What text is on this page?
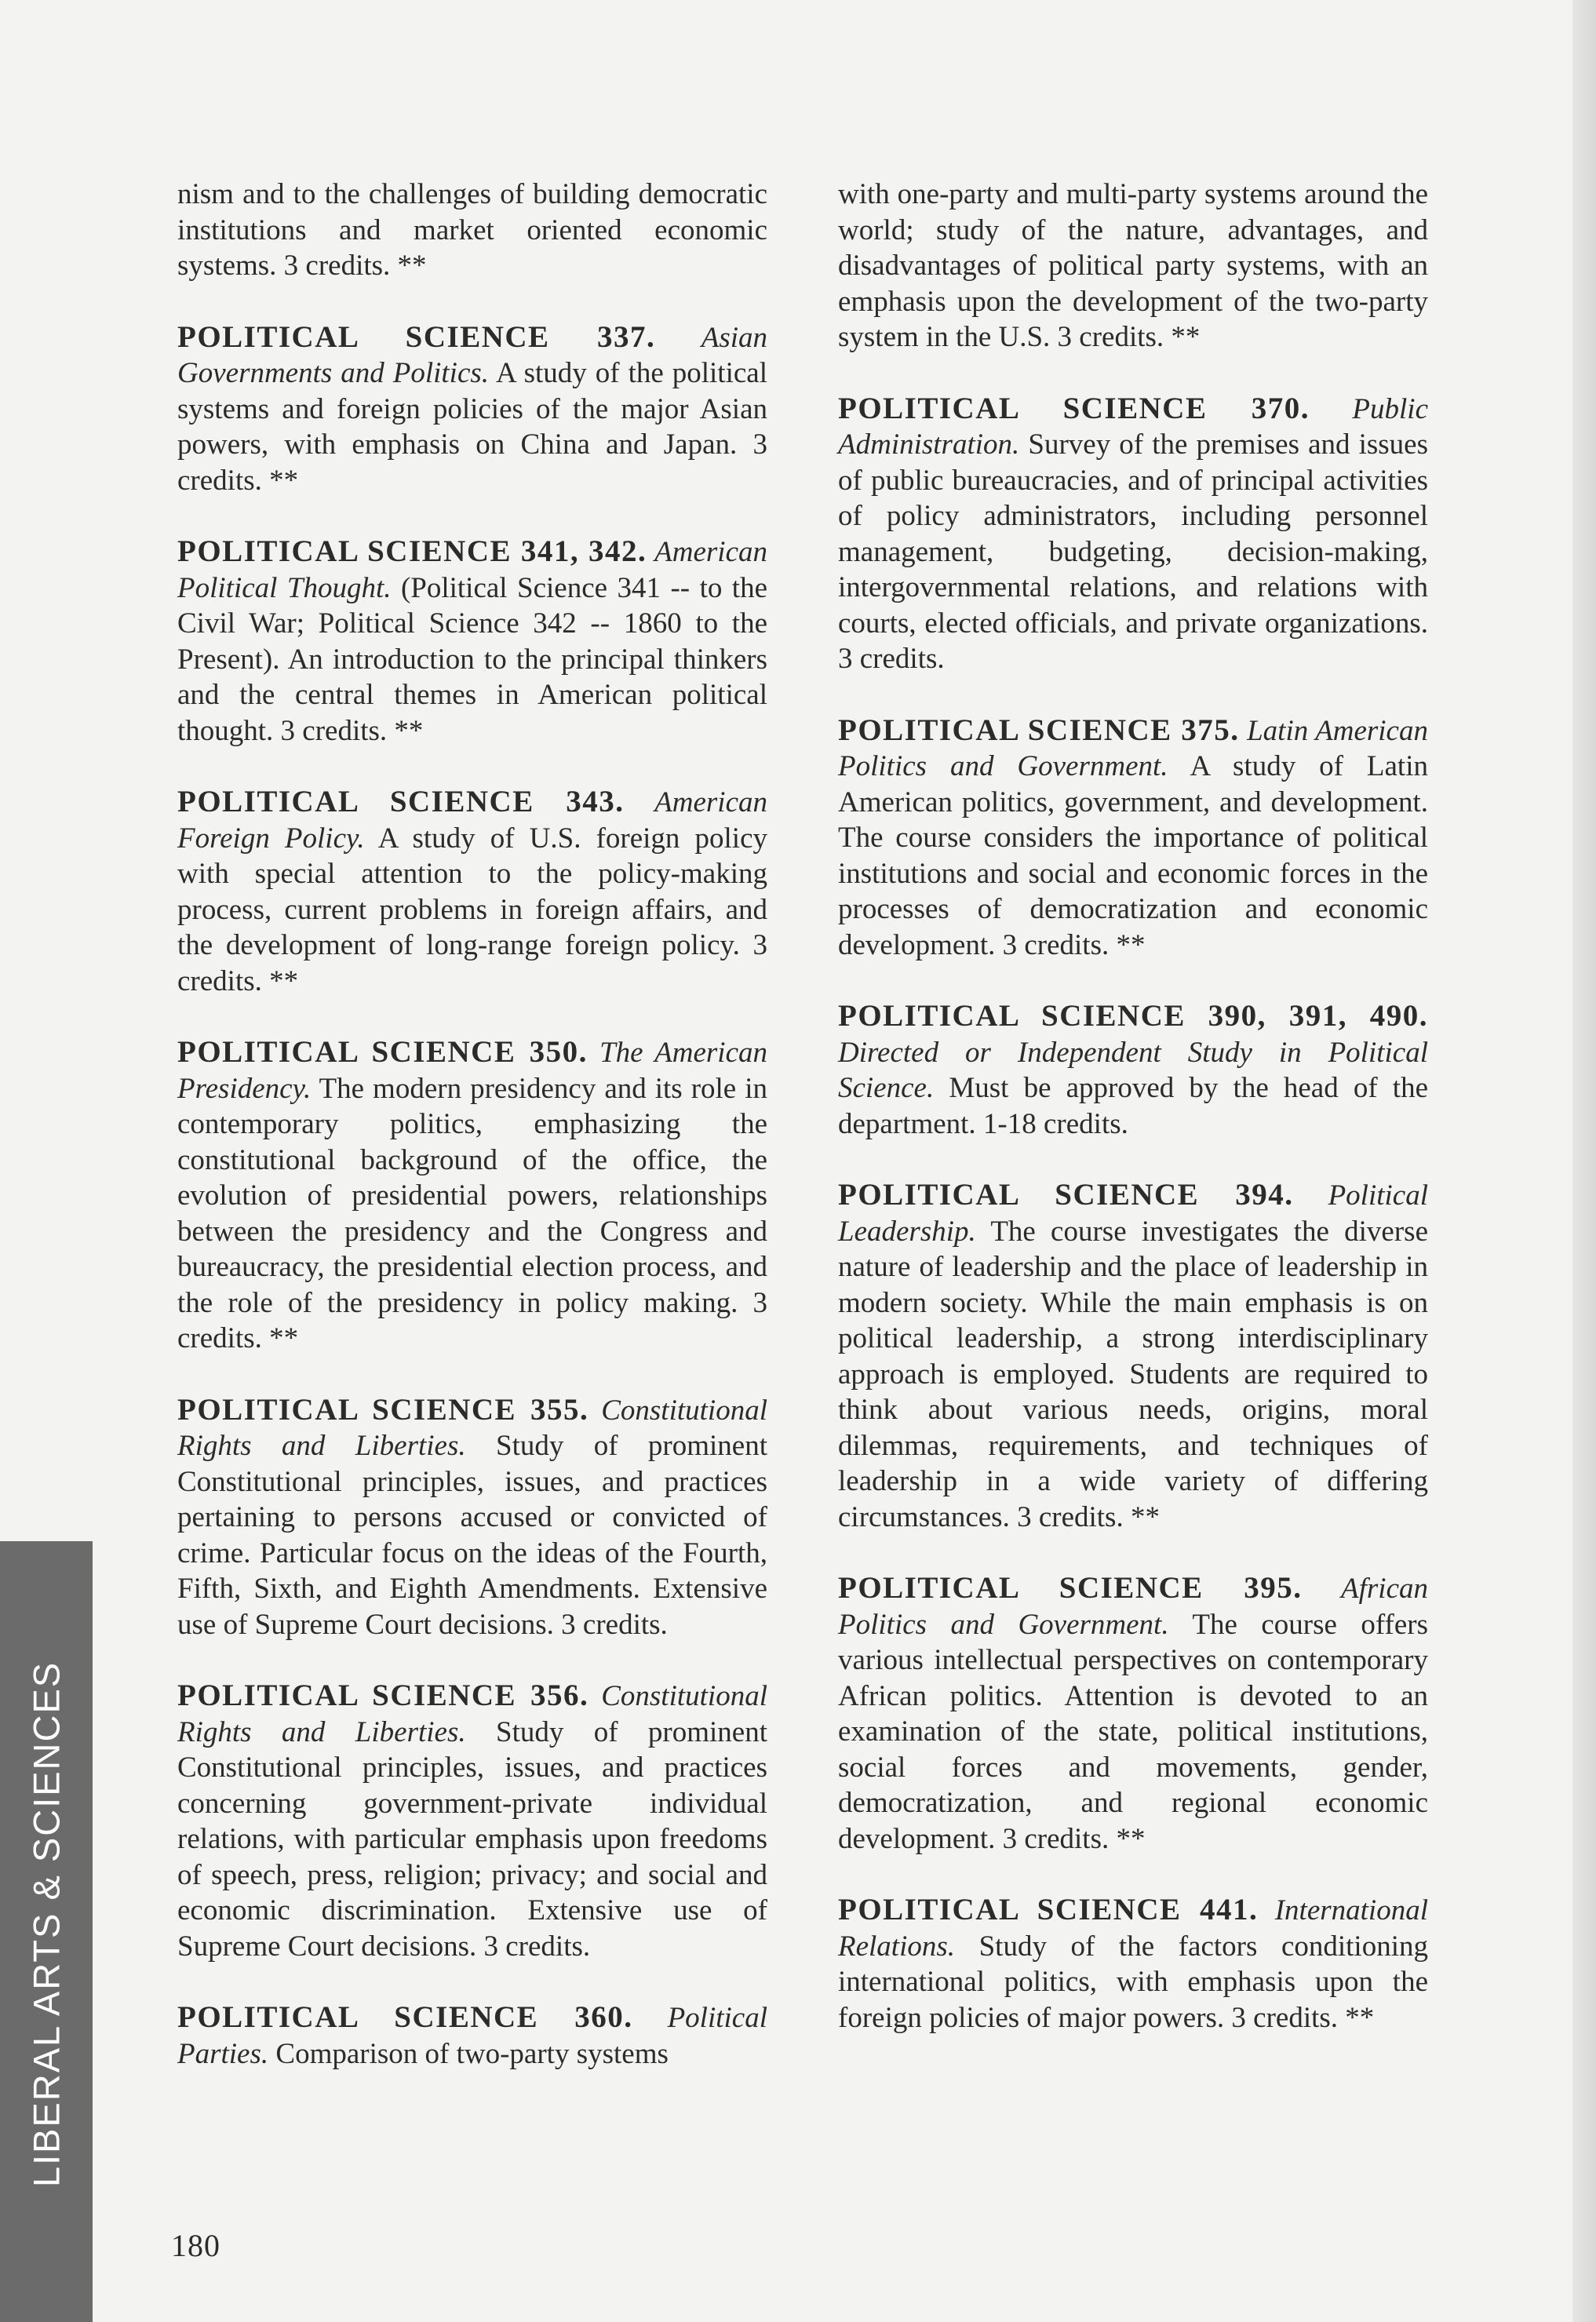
LIBERAL ARTS & SCIENCES
nism and to the challenges of building democratic institutions and market oriented economic systems. 3 credits. **
POLITICAL SCIENCE 337. Asian Governments and Politics. A study of the political systems and foreign policies of the major Asian powers, with emphasis on China and Japan. 3 credits. **
POLITICAL SCIENCE 341, 342. American Political Thought. (Political Science 341 -- to the Civil War; Political Science 342 -- 1860 to the Present). An introduction to the principal thinkers and the central themes in American political thought. 3 credits. **
POLITICAL SCIENCE 343. American Foreign Policy. A study of U.S. foreign policy with special attention to the policy-making process, current problems in foreign affairs, and the development of long-range foreign policy. 3 credits. **
POLITICAL SCIENCE 350. The American Presidency. The modern presidency and its role in contemporary politics, emphasizing the constitutional background of the office, the evolution of presidential powers, relationships between the presidency and the Congress and bureaucracy, the presidential election process, and the role of the presidency in policy making. 3 credits. **
POLITICAL SCIENCE 355. Constitutional Rights and Liberties. Study of prominent Constitutional principles, issues, and practices pertaining to persons accused or convicted of crime. Particular focus on the ideas of the Fourth, Fifth, Sixth, and Eighth Amendments. Extensive use of Supreme Court decisions. 3 credits.
POLITICAL SCIENCE 356. Constitutional Rights and Liberties. Study of prominent Constitutional principles, issues, and practices concerning government-private individual relations, with particular emphasis upon freedoms of speech, press, religion; privacy; and social and economic discrimination. Extensive use of Supreme Court decisions. 3 credits.
POLITICAL SCIENCE 360. Political Parties. Comparison of two-party systems
with one-party and multi-party systems around the world; study of the nature, advantages, and disadvantages of political party systems, with an emphasis upon the development of the two-party system in the U.S. 3 credits. **
POLITICAL SCIENCE 370. Public Administration. Survey of the premises and issues of public bureaucracies, and of principal activities of policy administrators, including personnel management, budgeting, decision-making, intergovernmental relations, and relations with courts, elected officials, and private organizations. 3 credits.
POLITICAL SCIENCE 375. Latin American Politics and Government. A study of Latin American politics, government, and development. The course considers the importance of political institutions and social and economic forces in the processes of democratization and economic development. 3 credits. **
POLITICAL SCIENCE 390, 391, 490. Directed or Independent Study in Political Science. Must be approved by the head of the department. 1-18 credits.
POLITICAL SCIENCE 394. Political Leadership. The course investigates the diverse nature of leadership and the place of leadership in modern society. While the main emphasis is on political leadership, a strong interdisciplinary approach is employed. Students are required to think about various needs, origins, moral dilemmas, requirements, and techniques of leadership in a wide variety of differing circumstances. 3 credits. **
POLITICAL SCIENCE 395. African Politics and Government. The course offers various intellectual perspectives on contemporary African politics. Attention is devoted to an examination of the state, political institutions, social forces and movements, gender, democratization, and regional economic development. 3 credits. **
POLITICAL SCIENCE 441. International Relations. Study of the factors conditioning international politics, with emphasis upon the foreign policies of major powers. 3 credits. **
180
